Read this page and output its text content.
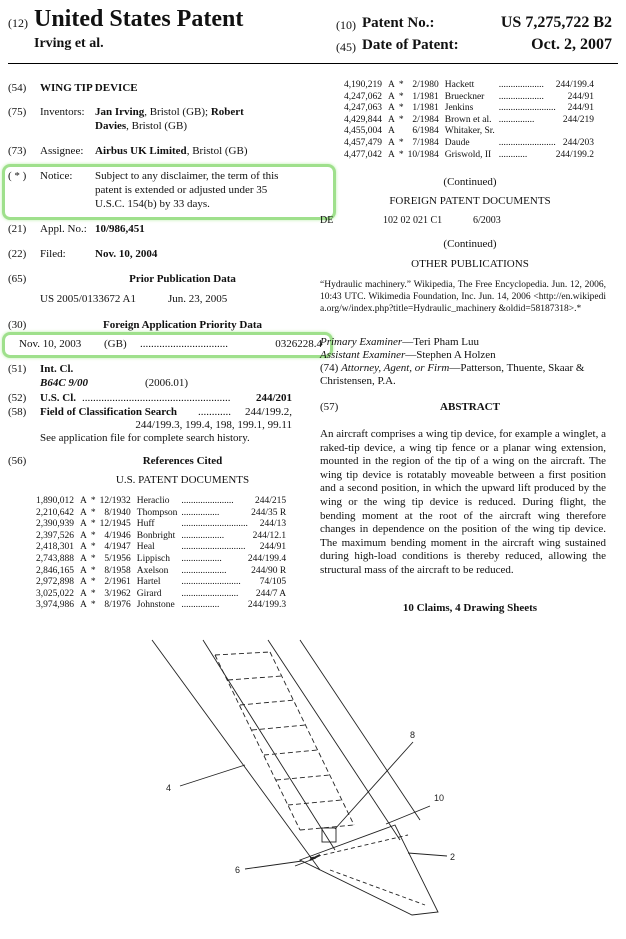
(12) United States Patent
Irving et al.
(10) Patent No.:	US 7,275,722 B2
(45) Date of Patent:	Oct. 2, 2007
(54) WING TIP DEVICE
(75) Inventors: Jan Irving, Bristol (GB); Robert
Davies, Bristol (GB)
(73) Assignee: Airbus UK Limited, Bristol (GB)
( * ) Notice: Subject to any disclaimer, the term of this
patent is extended or adjusted under 35
U.S.C. 154(b) by 33 days.
(21) Appl. No.: 10/986,451
(22) Filed:	Nov. 10, 2004
(65)	Prior Publication Data
US 2005/0133672 A1	Jun. 23, 2005
(30)	Foreign Application Priority Data
Nov. 10, 2003 (GB) ................................	0326228.4
(51) Int. Cl.
B64C 9/00	(2006.01)
(52) U.S. Cl. ...................................................... 244/201
(58) Field of Classification Search ............ 244/199.2,
244/199.3, 199.4, 198, 199.1, 99.11
See application file for complete search history.
(56)	References Cited
U.S. PATENT DOCUMENTS
1,890,012	A	*	12/1932	Heraclio	......................	244/215
2,210,642	A	*	8/1940	Thompson	................	244/35 R
2,390,939	A	*	12/1945	Huff	............................	244/13
2,397,526	A	*	4/1946	Bonbright	..................	244/12.1
2,418,301	A	*	4/1947	Heal	...........................	244/91
2,743,888	A	*	5/1956	Lippisch	.................	244/199.4
2,846,165	A	*	8/1958	Axelson	...................	244/90 R
2,972,898	A	*	2/1961	Hartel	.........................	74/105
3,025,022	A	*	3/1962	Girard	........................	244/7 A
3,974,986	A	*	8/1976	Johnstone	................	244/199.3
4,190,219	A	*	2/1980	Hackett	...................	244/199.4
4,247,062	A	*	1/1981	Brueckner	...................	244/91
4,247,063	A	*	1/1981	Jenkins	........................	244/91
4,429,844	A	*	2/1984	Brown et al.	...............	244/219
4,455,004	A		6/1984	Whitaker, Sr.		
4,457,479	A	*	7/1984	Daude	........................	244/203
4,477,042	A	*	10/1984	Griswold, II	............	244/199.2
(Continued)
FOREIGN PATENT DOCUMENTS
DE	102 02 021 C1	6/2003
(Continued)
OTHER PUBLICATIONS
“Hydraulic machinery.” Wikipedia, The Free Encyclopedia. Jun. 12, 2006, 10:43 UTC. Wikimedia Foundation, Inc. Jun. 14, 2006 <http://en.wikipedia.org/w/index.php?title=Hydraulic_machinery &oldid=58187318>.*
Primary Examiner—Teri Pham Luu
Assistant Examiner—Stephen A Holzen
(74) Attorney, Agent, or Firm—Patterson, Thuente, Skaar &
Christensen, P.A.
(57)	ABSTRACT
An aircraft comprises a wing tip device, for example a winglet, a raked-tip device, a wing tip fence or a planar wing extension, mounted in the region of the tip of a wing on the aircraft. The wing tip device is rotatably moveable between a first position and a second position, in which the upward lift produced by the wing or the wing tip device is reduced. During flight, the bending moment at the root of the aircraft wing therefore changes in dependence on the position of the wing tip device. The maximum bending moment in the aircraft wing sustained during high-load conditions is thereby reduced, allowing the structural mass of the aircraft to be reduced.
10 Claims, 4 Drawing Sheets
4
8
10
6
2
